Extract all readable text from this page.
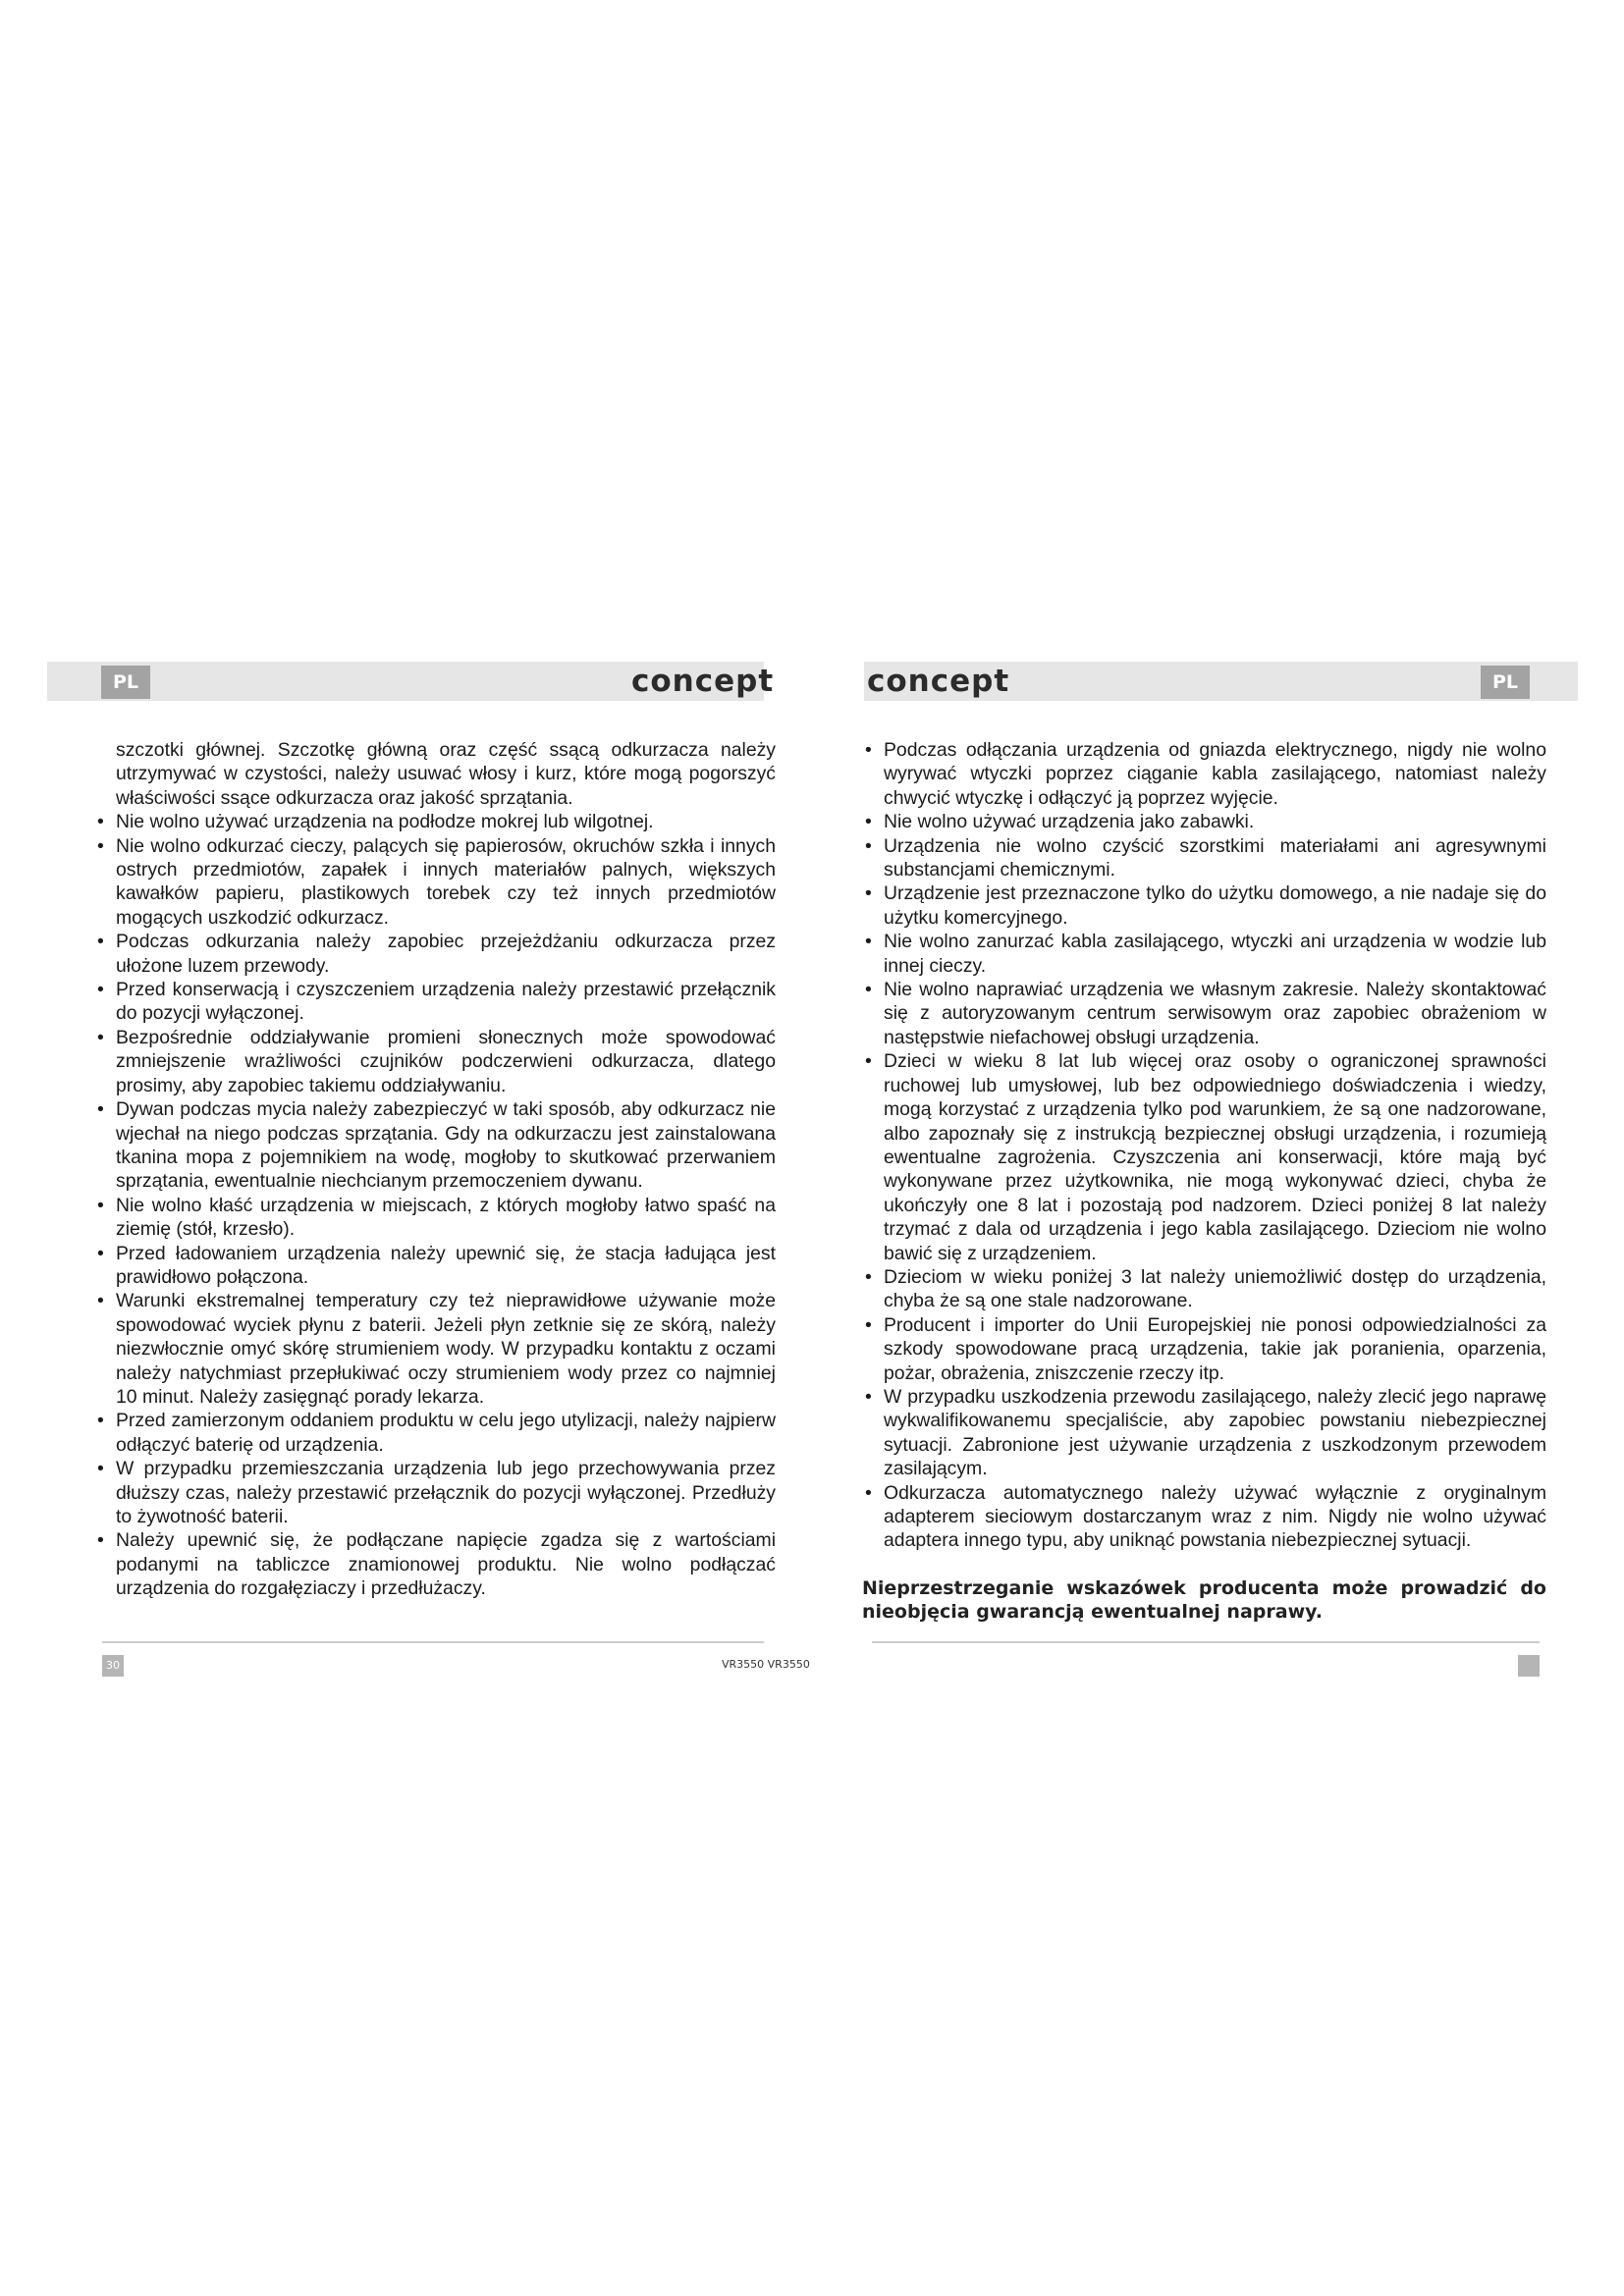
PL	PL
concept	concept

szczotki głównej. Szczotkę główną oraz część ssącą odkurzacza należy utrzymywać w czystości, należy usuwać włosy i kurz, które mogą pogorszyć właściwości ssące odkurzacza oraz jakość sprzątania.

• Nie wolno używać urządzenia na podłodze mokrej lub wilgotnej.
• Nie wolno odkurzać cieczy, palących się papierosów, okruchów szkła i innych ostrych przedmiotów, zapałek i innych materiałów palnych, większych kawałków papieru, plastikowych torebek czy też innych przedmiotów mogących uszkodzić odkurzacz.
• Podczas odkurzania należy zapobiec przejeżdżaniu odkurzacza przez ułożone luzem przewody.
• Przed konserwacją i czyszczeniem urządzenia należy przestawić przełącznik do pozycji wyłączonej.
• Bezpośrednie oddziaływanie promieni słonecznych może spowodować zmniejszenie wrażliwości czujników podczerwieni odkurzacza, dlatego prosimy, aby zapobiec takiemu oddziaływaniu.
• Dywan podczas mycia należy zabezpieczyć w taki sposób, aby odkurzacz nie wjechał na niego podczas sprzątania. Gdy na odkurzaczu jest zainstalowana tkanina mopa z pojemnikiem na wodę, mogłoby to skutkować przerwaniem sprzątania, ewentualnie niechcianym przemoczeniem dywanu.
• Nie wolno kłaść urządzenia w miejscach, z których mogłoby łatwo spaść na ziemię (stół, krzesło).
• Przed ładowaniem urządzenia należy upewnić się, że stacja ładująca jest prawidłowo połączona.
• Warunki ekstremalnej temperatury czy też nieprawidłowe używanie może spowodować wyciek płynu z baterii. Jeżeli płyn zetknie się ze skórą, należy niezwłocznie omyć skórę strumieniem wody. W przypadku kontaktu z oczami należy natychmiast przepłukiwać oczy strumieniem wody przez co najmniej 10 minut. Należy zasięgnąć porady lekarza.
• Przed zamierzonym oddaniem produktu w celu jego utylizacji, należy najpierw odłączyć baterię od urządzenia.
• W przypadku przemieszczania urządzenia lub jego przechowywania przez dłuższy czas, należy przestawić przełącznik do pozycji wyłączonej. Przedłuży to żywotność baterii.
• Należy upewnić się, że podłączane napięcie zgadza się z wartościami podanymi na tabliczce znamionowej produktu. Nie wolno podłączać urządzenia do rozgałęziaczy i przedłużaczy.
• Podczas odłączania urządzenia od gniazda elektrycznego, nigdy nie wolno wyrywać wtyczki poprzez ciąganie kabla zasilającego, natomiast należy chwycić wtyczkę i odłączyć ją poprzez wyjęcie.
• Nie wolno używać urządzenia jako zabawki.
• Urządzenia nie wolno czyścić szorstkimi materiałami ani agresywnymi substancjami chemicznymi.
• Urządzenie jest przeznaczone tylko do użytku domowego, a nie nadaje się do użytku komercyjnego.
• Nie wolno zanurzać kabla zasilającego, wtyczki ani urządzenia w wodzie lub innej cieczy.
• Nie wolno naprawiać urządzenia we własnym zakresie. Należy skontaktować się z autoryzowanym centrum serwisowym oraz zapobiec obrażeniom w następstwie niefachowej obsługi urządzenia.
• Dzieci w wieku 8 lat lub więcej oraz osoby o ograniczonej sprawności ruchowej lub umysłowej, lub bez odpowiedniego doświadczenia i wiedzy, mogą korzystać z urządzenia tylko pod warunkiem, że są one nadzorowane, albo zapoznały się z instrukcją bezpiecznej obsługi urządzenia, i rozumieją ewentualne zagrożenia. Czyszczenia ani konserwacji, które mają być wykonywane przez użytkownika, nie mogą wykonywać dzieci, chyba że ukończyły one 8 lat i pozostają pod nadzorem. Dzieci poniżej 8 lat należy trzymać z dala od urządzenia i jego kabla zasilającego. Dzieciom nie wolno bawić się z urządzeniem.
• Dzieciom w wieku poniżej 3 lat należy uniemożliwić dostęp do urządzenia, chyba że są one stale nadzorowane.
• Producent i importer do Unii Europejskiej nie ponosi odpowiedzialności za szkody spowodowane pracą urządzenia, takie jak poranienia, oparzenia, pożar, obrażenia, zniszczenie rzeczy itp.
• W przypadku uszkodzenia przewodu zasilającego, należy zlecić jego naprawę wykwalifikowanemu specjaliście, aby zapobiec powstaniu niebezpiecznej sytuacji. Zabronione jest używanie urządzenia z uszkodzonym przewodem zasilającym.
• Odkurzacza automatycznego należy używać wyłącznie z oryginalnym adapterem sieciowym dostarczanym wraz z nim. Nigdy nie wolno używać adaptera innego typu, aby uniknąć powstania niebezpiecznej sytuacji.

Nieprzestrzeganie wskazówek producenta może prowadzić do nieobjęcia gwarancją ewentualnej naprawy.

30	VR3550 VR3550
